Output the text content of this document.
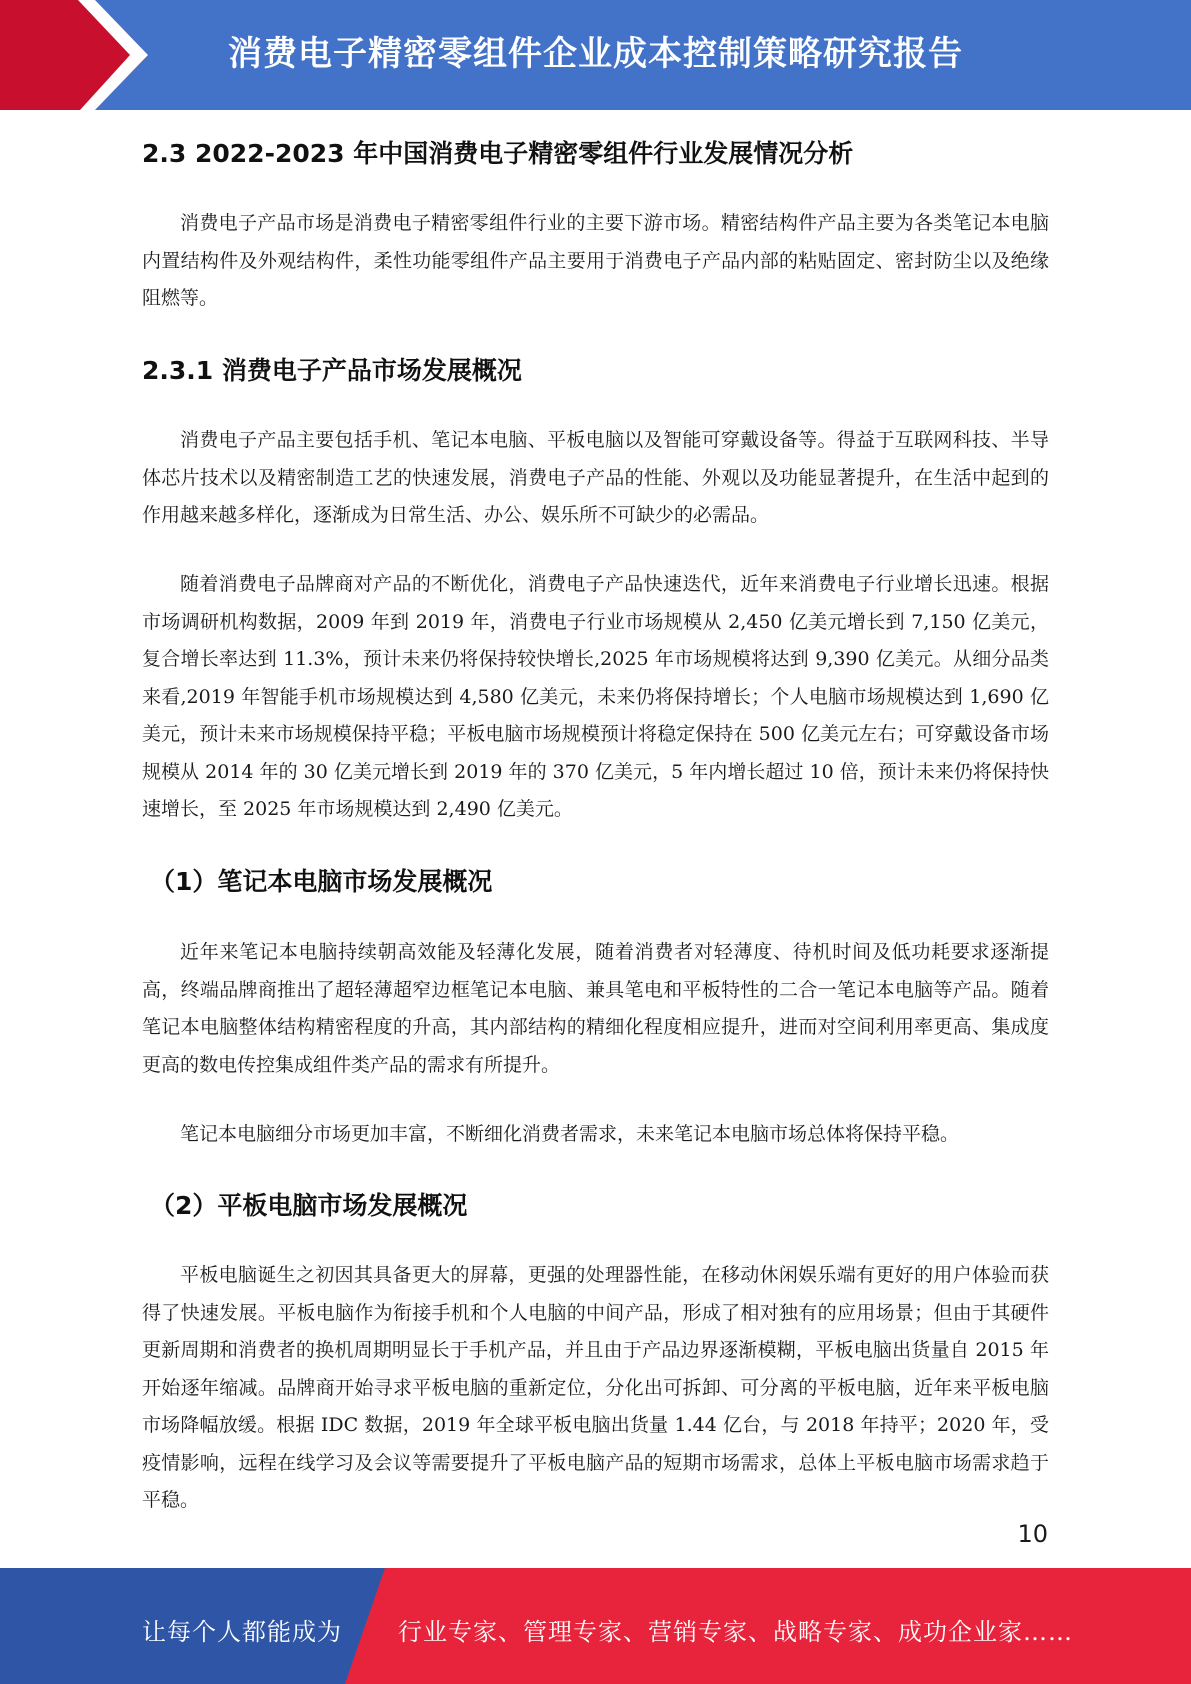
消费电子精密零组件企业成本控制策略研究报告
2.3 2022-2023 年中国消费电子精密零组件行业发展情况分析

消费电子产品市场是消费电子精密零组件行业的主要下游市场。精密结构件产品主要为各类笔记本电脑内置结构件及外观结构件，柔性功能零组件产品主要用于消费电子产品内部的粘贴固定、密封防尘以及绝缘阻燃等。

2.3.1 消费电子产品市场发展概况

消费电子产品主要包括手机、笔记本电脑、平板电脑以及智能可穿戴设备等。得益于互联网科技、半导体芯片技术以及精密制造工艺的快速发展，消费电子产品的性能、外观以及功能显著提升，在生活中起到的作用越来越多样化，逐渐成为日常生活、办公、娱乐所不可缺少的必需品。

随着消费电子品牌商对产品的不断优化，消费电子产品快速迭代，近年来消费电子行业增长迅速。根据市场调研机构数据，2009 年到 2019 年，消费电子行业市场规模从 2,450 亿美元增长到 7,150 亿美元，复合增长率达到 11.3%，预计未来仍将保持较快增长,2025 年市场规模将达到 9,390 亿美元。从细分品类来看,2019 年智能手机市场规模达到 4,580 亿美元，未来仍将保持增长；个人电脑市场规模达到 1,690 亿美元，预计未来市场规模保持平稳；平板电脑市场规模预计将稳定保持在 500 亿美元左右；可穿戴设备市场规模从 2014 年的 30 亿美元增长到 2019 年的 370 亿美元，5 年内增长超过 10 倍，预计未来仍将保持快速增长，至 2025 年市场规模达到 2,490 亿美元。

（1）笔记本电脑市场发展概况

近年来笔记本电脑持续朝高效能及轻薄化发展，随着消费者对轻薄度、待机时间及低功耗要求逐渐提高，终端品牌商推出了超轻薄超窄边框笔记本电脑、兼具笔电和平板特性的二合一笔记本电脑等产品。随着笔记本电脑整体结构精密程度的升高，其内部结构的精细化程度相应提升，进而对空间利用率更高、集成度更高的数电传控集成组件类产品的需求有所提升。

笔记本电脑细分市场更加丰富，不断细化消费者需求，未来笔记本电脑市场总体将保持平稳。

（2）平板电脑市场发展概况

平板电脑诞生之初因其具备更大的屏幕，更强的处理器性能，在移动休闲娱乐端有更好的用户体验而获得了快速发展。平板电脑作为衔接手机和个人电脑的中间产品，形成了相对独有的应用场景；但由于其硬件更新周期和消费者的换机周期明显长于手机产品，并且由于产品边界逐渐模糊，平板电脑出货量自 2015 年开始逐年缩减。品牌商开始寻求平板电脑的重新定位，分化出可拆卸、可分离的平板电脑，近年来平板电脑市场降幅放缓。根据 IDC 数据，2019 年全球平板电脑出货量 1.44 亿台，与 2018 年持平；2020 年，受疫情影响，远程在线学习及会议等需要提升了平板电脑产品的短期市场需求，总体上平板电脑市场需求趋于平稳。

10
让每个人都能成为 行业专家、管理专家、营销专家、战略专家、成功企业家……
